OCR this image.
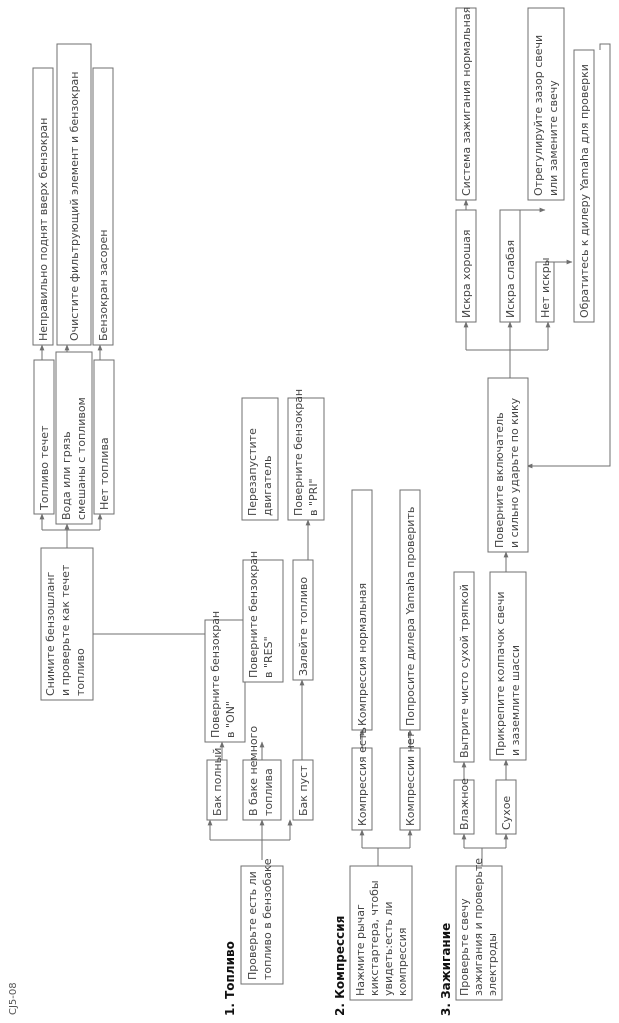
CJ5-08	1. Топливо	2. Компрессия	3. Зажигание
Проверьте есть ли топливо в бензобаке
Бак полный В баке немного топлива Бак пуст
Поверните бензокран в "ON"
Поверните бензокран в "RES" Залейте топливо
Перезапустите двигатель Поверните бензокран в "PRI"
Снимите бензошланг и проверьте как течет топливо
Топливо течет Вода или грязь смешаны с топливом Нет топлива
Неправильно поднят вверх бензокран Очистите фильтрующий элемент и бензокран Бензокран засорен
Нажмите рычаг кикстартера, чтобы увидеть:есть ли компрессия
Компрессия есть	Компрессии нет
Компрессия нормальная	Попросите дилера Yamaha проверить
Проверьте свечу зажигания и проверьте электроды
Влажное	Сухое
Вытрите чисто сухой тряпкой Прикрепите колпачок свечи и заземлите шасси
Поверните включатель и сильно ударьте по кику
Искра хорошая	Искра слабая Нет искры
Система зажигания нормальная	Отрегулируйте зазор свечи или замените свечу Обратитесь к дилеру Yamaha для проверки
